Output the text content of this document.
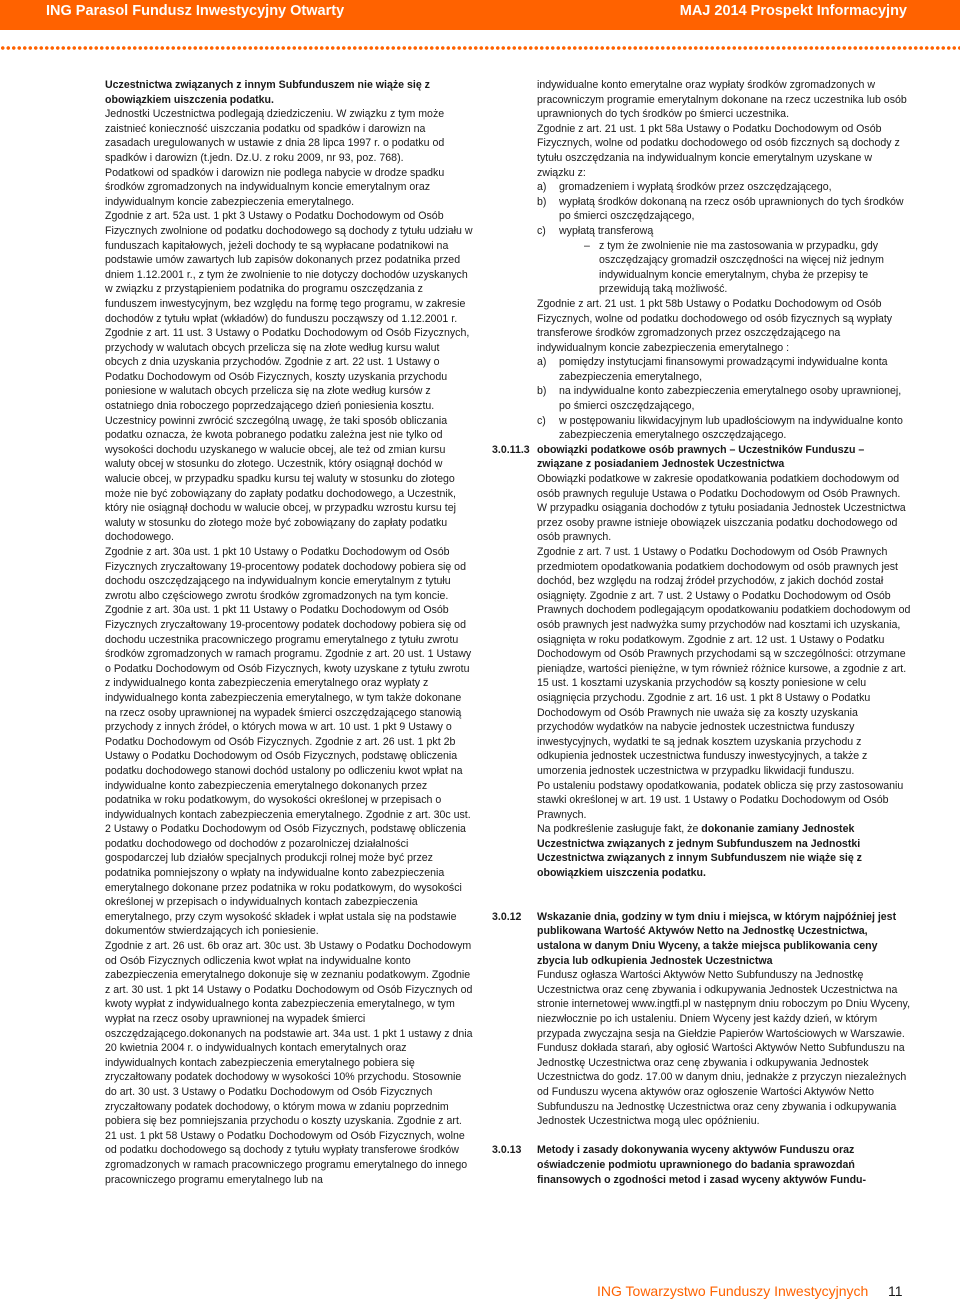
ING Parasol Fundusz Inwestycyjny Otwarty	MAJ 2014 Prospekt Informacyjny

Uczestnictwa związanych z innym Subfunduszem nie wiąże się z obowiązkiem uiszczenia podatku.

Jednostki Uczestnictwa podlegają dziedziczeniu. W związku z tym może zaistnieć konieczność uiszczania podatku od spadków i darowizn na zasadach uregulowanych w ustawie z dnia 28 lipca 1997 r. o podatku od spadków i darowizn (t.jedn. Dz.U. z roku 2009, nr 93, poz. 768).

Podatkowi od spadków i darowizn nie podlega nabycie w drodze spadku środków zgromadzonych na indywidualnym koncie emerytalnym oraz indywidualnym koncie zabezpieczenia emerytalnego.

Zgodnie z art. 52a ust. 1 pkt 3 Ustawy o Podatku Dochodowym od Osób Fizycznych zwolnione od podatku dochodowego są dochody z tytułu udziału w funduszach kapitałowych, jeżeli dochody te są wypłacane podatnikowi na podstawie umów zawartych lub zapisów dokonanych przez podatnika przed dniem 1.12.2001 r., z tym że zwolnienie to nie dotyczy dochodów uzyskanych w związku z przystąpieniem podatnika do programu oszczędzania z funduszem inwestycyjnym, bez względu na formę tego programu, w zakresie dochodów z tytułu wpłat (wkładów) do funduszu począwszy od 1.12.2001 r.

Zgodnie z art. 11 ust. 3 Ustawy o Podatku Dochodowym od Osób Fizycznych, przychody w walutach obcych przelicza się na złote według kursu walut obcych z dnia uzyskania przychodów. Zgodnie z art. 22 ust. 1 Ustawy o Podatku Dochodowym od Osób Fizycznych, koszty uzyskania przychodu poniesione w walutach obcych przelicza się na złote według kursów z ostatniego dnia roboczego poprzedzającego dzień poniesienia kosztu. Uczestnicy powinni zwrócić szczególną uwagę, że taki sposób obliczania podatku oznacza, że kwota pobranego podatku zależna jest nie tylko od wysokości dochodu uzyskanego w walucie obcej, ale też od zmian kursu waluty obcej w stosunku do złotego. Uczestnik, który osiągnął dochód w walucie obcej, w przypadku spadku kursu tej waluty w stosunku do złotego może nie być zobowiązany do zapłaty podatku dochodowego, a Uczestnik, który nie osiągnął dochodu w walucie obcej, w przypadku wzrostu kursu tej waluty w stosunku do złotego może być zobowiązany do zapłaty podatku dochodowego.

Zgodnie z art. 30a ust. 1 pkt 10 Ustawy o Podatku Dochodowym od Osób Fizycznych zryczałtowany 19-procentowy podatek dochodowy pobiera się od dochodu oszczędzającego na indywidualnym koncie emerytalnym z tytułu zwrotu albo częściowego zwrotu środków zgromadzonych na tym koncie. Zgodnie z art. 30a ust. 1 pkt 11 Ustawy o Podatku Dochodowym od Osób Fizycznych zryczałtowany 19-procentowy podatek dochodowy pobiera się od dochodu uczestnika pracowniczego programu emerytalnego z tytułu zwrotu środków zgromadzonych w ramach programu. Zgodnie z art. 20 ust. 1 Ustawy o Podatku Dochodowym od Osób Fizycznych, kwoty uzyskane z tytułu zwrotu z indywidualnego konta zabezpieczenia emerytalnego oraz wypłaty z indywidualnego konta zabezpieczenia emerytalnego, w tym także dokonane na rzecz osoby uprawnionej na wypadek śmierci oszczędzającego stanowią przychody z innych źródeł, o których mowa w art. 10 ust. 1 pkt 9 Ustawy o Podatku Dochodowym od Osób Fizycznych. Zgodnie z art. 26 ust. 1 pkt 2b Ustawy o Podatku Dochodowym od Osób Fizycznych, podstawę obliczenia podatku dochodowego stanowi dochód ustalony po odliczeniu kwot wpłat na indywidualne konto zabezpieczenia emerytalnego dokonanych przez podatnika w roku podatkowym, do wysokości określonej w przepisach o indywidualnych kontach zabezpieczenia emerytalnego. Zgodnie z art. 30c ust. 2 Ustawy o Podatku Dochodowym od Osób Fizycznych, podstawę obliczenia podatku dochodowego od dochodów z pozarolniczej działalności gospodarczej lub działów specjalnych produkcji rolnej może być przez podatnika pomniejszony o wpłaty na indywidualne konto zabezpieczenia emerytalnego dokonane przez podatnika w roku podatkowym, do wysokości określonej w przepisach o indywidualnych kontach zabezpieczenia emerytalnego, przy czym wysokość składek i wpłat ustala się na podstawie dokumentów stwierdzających ich poniesienie.

Zgodnie z art. 26 ust. 6b oraz art. 30c ust. 3b Ustawy o Podatku Dochodowym od Osób Fizycznych odliczenia kwot wpłat na indywidualne konto zabezpieczenia emerytalnego dokonuje się w zeznaniu podatkowym. Zgodnie z art. 30 ust. 1 pkt 14 Ustawy o Podatku Dochodowym od Osób Fizycznych od kwoty wypłat z indywidualnego konta zabezpieczenia emerytalnego, w tym wypłat na rzecz osoby uprawnionej na wypadek śmierci oszczędzającego.dokonanych na podstawie art. 34a ust. 1 pkt 1 ustawy z dnia 20 kwietnia 2004 r. o indywidualnych kontach emerytalnych oraz indywidualnych kontach zabezpieczenia emerytalnego pobiera się zryczałtowany podatek dochodowy w wysokości 10% przychodu. Stosownie do art. 30 ust. 3 Ustawy o Podatku Dochodowym od Osób Fizycznych zryczałtowany podatek dochodowy, o którym mowa w zdaniu poprzednim pobiera się bez pomniejszania przychodu o koszty uzyskania. Zgodnie z art. 21 ust. 1 pkt 58 Ustawy o Podatku Dochodowym od Osób Fizycznych, wolne od podatku dochodowego są dochody z tytułu wypłaty transferowe środków zgromadzonych w ramach pracowniczego programu emerytalnego do innego pracowniczego programu emerytalnego lub na

indywidualne konto emerytalne oraz wypłaty środków zgromadzonych w pracowniczym programie emerytalnym dokonane na rzecz uczestnika lub osób uprawnionych do tych środków po śmierci uczestnika.

Zgodnie z art. 21 ust. 1 pkt 58a Ustawy o Podatku Dochodowym od Osób Fizycznych, wolne od podatku dochodowego od osób fizcznych są dochody z tytułu oszczędzania na indywidualnym koncie emerytalnym uzyskane w związku z:

a) gromadzeniem i wypłatą środków przez oszczędzającego,

b) wypłatą środków dokonaną na rzecz osób uprawnionych do tych środków po śmierci oszczędzającego,

c) wypłatą transferową

– z tym że zwolnienie nie ma zastosowania w przypadku, gdy oszczędzający gromadził oszczędności na więcej niż jednym indywidualnym koncie emerytalnym, chyba że przepisy te przewidują taką możliwość.

Zgodnie z art. 21 ust. 1 pkt 58b Ustawy o Podatku Dochodowym od Osób Fizycznych, wolne od podatku dochodowego od osób fizycznych są wypłaty transferowe środków zgromadzonych przez oszczędzającego na indywidualnym koncie zabezpieczenia emerytalnego :

a) pomiędzy instytucjami finansowymi prowadzącymi indywidualne konta zabezpieczenia emerytalnego,

b) na indywidualne konto zabezpieczenia emerytalnego osoby uprawnionej, po śmierci oszczędzającego,

c) w postępowaniu likwidacyjnym lub upadłościowym na indywidualne konto zabezpieczenia emerytalnego oszczędzającego.

3.0.11.3 obowiązki podatkowe osób prawnych – Uczestników Funduszu – związane z posiadaniem Jednostek Uczestnictwa

Obowiązki podatkowe w zakresie opodatkowania podatkiem dochodowym od osób prawnych reguluje Ustawa o Podatku Dochodowym od Osób Prawnych.

W przypadku osiągania dochodów z tytułu posiadania Jednostek Uczestnictwa przez osoby prawne istnieje obowiązek uiszczania podatku dochodowego od osób prawnych.

Zgodnie z art. 7 ust. 1 Ustawy o Podatku Dochodowym od Osób Prawnych przedmiotem opodatkowania podatkiem dochodowym od osób prawnych jest dochód, bez względu na rodzaj źródeł przychodów, z jakich dochód został osiągnięty. Zgodnie z art. 7 ust. 2 Ustawy o Podatku Dochodowym od Osób Prawnych dochodem podlegającym opodatkowaniu podatkiem dochodowym od osób prawnych jest nadwyżka sumy przychodów nad kosztami ich uzyskania, osiągnięta w roku podatkowym. Zgodnie z art. 12 ust. 1 Ustawy o Podatku Dochodowym od Osób Prawnych przychodami są w szczególności: otrzymane pieniądze, wartości pieniężne, w tym również różnice kursowe, a zgodnie z art. 15 ust. 1 kosztami uzyskania przychodów są koszty poniesione w celu osiągnięcia przychodu. Zgodnie z art. 16 ust. 1 pkt 8 Ustawy o Podatku Dochodowym od Osób Prawnych nie uważa się za koszty uzyskania przychodów wydatków na nabycie jednostek uczestnictwa funduszy inwestycyjnych, wydatki te są jednak kosztem uzyskania przychodu z odkupienia jednostek uczestnictwa funduszy inwestycyjnych, a także z umorzenia jednostek uczestnictwa w przypadku likwidacji funduszu.

Po ustaleniu podstawy opodatkowania, podatek oblicza się przy zastosowaniu stawki określonej w art. 19 ust. 1 Ustawy o Podatku Dochodowym od Osób Prawnych.

Na podkreślenie zasługuje fakt, że dokonanie zamiany Jednostek Uczestnictwa związanych z jednym Subfunduszem na Jednostki Uczestnictwa związanych z innym Subfunduszem nie wiąże się z obowiązkiem uiszczenia podatku.

3.0.12	Wskazanie dnia, godziny w tym dniu i miejsca, w którym najpóźniej jest publikowana Wartość Aktywów Netto na Jednostkę Uczestnictwa, ustalona w danym Dniu Wyceny, a także miejsca publikowania ceny zbycia lub odkupienia Jednostek Uczestnictwa

Fundusz ogłasza Wartości Aktywów Netto Subfunduszy na Jednostkę Uczestnictwa oraz cenę zbywania i odkupywania Jednostek Uczestnictwa na stronie internetowej www.ingtfi.pl w następnym dniu roboczym po Dniu Wyceny, niezwłocznie po ich ustaleniu. Dniem Wyceny jest każdy dzień, w którym przypada zwyczajna sesja na Giełdzie Papierów Wartościowych w Warszawie. Fundusz dokłada starań, aby ogłosić Wartości Aktywów Netto Subfunduszu na Jednostkę Uczestnictwa oraz cenę zbywania i odkupywania Jednostek Uczestnictwa do godz. 17.00 w danym dniu, jednakże z przyczyn niezależnych od Funduszu wycena aktywów oraz ogłoszenie Wartości Aktywów Netto Subfunduszu na Jednostkę Uczestnictwa oraz ceny zbywania i odkupywania Jednostek Uczestnictwa mogą ulec opóźnieniu.

3.0.13	Metody i zasady dokonywania wyceny aktywów Funduszu oraz oświadczenie podmiotu uprawnionego do badania sprawozdań finansowych o zgodności metod i zasad wyceny aktywów Fundu-

ING Towarzystwo Funduszy Inwestycyjnych 11
